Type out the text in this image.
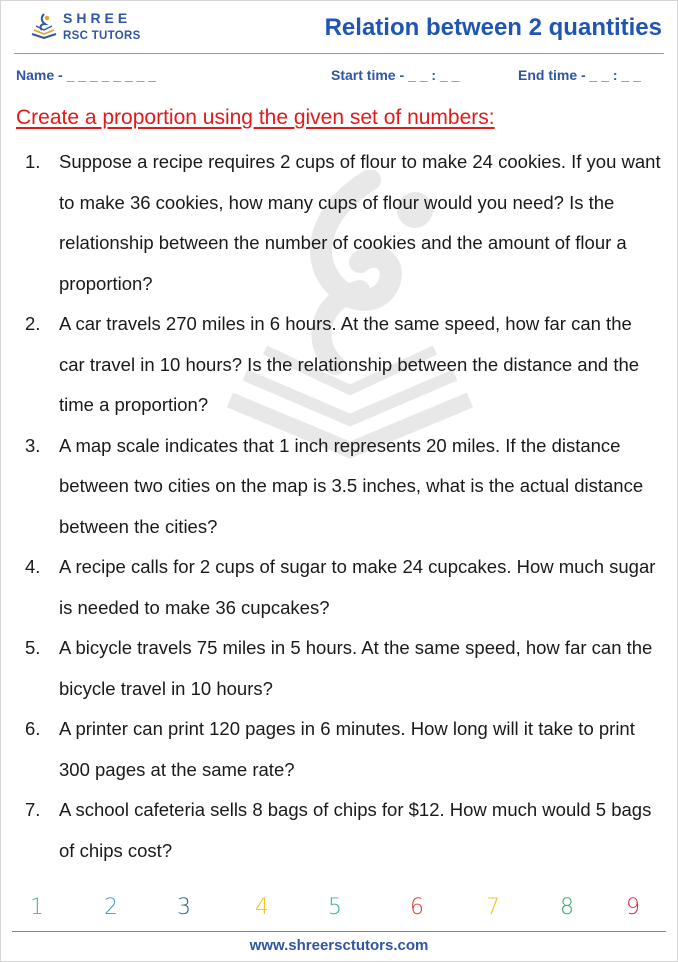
SHREE
RSC TUTORS	Relation between 2 quantities
Name - _ _ _ _ _ _ _ _	Start time - _ _ : _ _	End time - _ _ : _ _
Create a proportion using the given set of numbers:
1. Suppose a recipe requires 2 cups of flour to make 24 cookies. If you want to make 36 cookies, how many cups of flour would you need? Is the relationship between the number of cookies and the amount of flour a proportion?
2. A car travels 270 miles in 6 hours. At the same speed, how far can the car travel in 10 hours? Is the relationship between the distance and the time a proportion?
3. A map scale indicates that 1 inch represents 20 miles. If the distance between two cities on the map is 3.5 inches, what is the actual distance between the cities?
4. A recipe calls for 2 cups of sugar to make 24 cupcakes. How much sugar is needed to make 36 cupcakes?
5. A bicycle travels 75 miles in 5 hours. At the same speed, how far can the bicycle travel in 10 hours?
6. A printer can print 120 pages in 6 minutes. How long will it take to print 300 pages at the same rate?
7. A school cafeteria sells 8 bags of chips for $12. How much would 5 bags of chips cost?
1	2	3	4	5	6	7	8 9
www.shreersctutors.com
